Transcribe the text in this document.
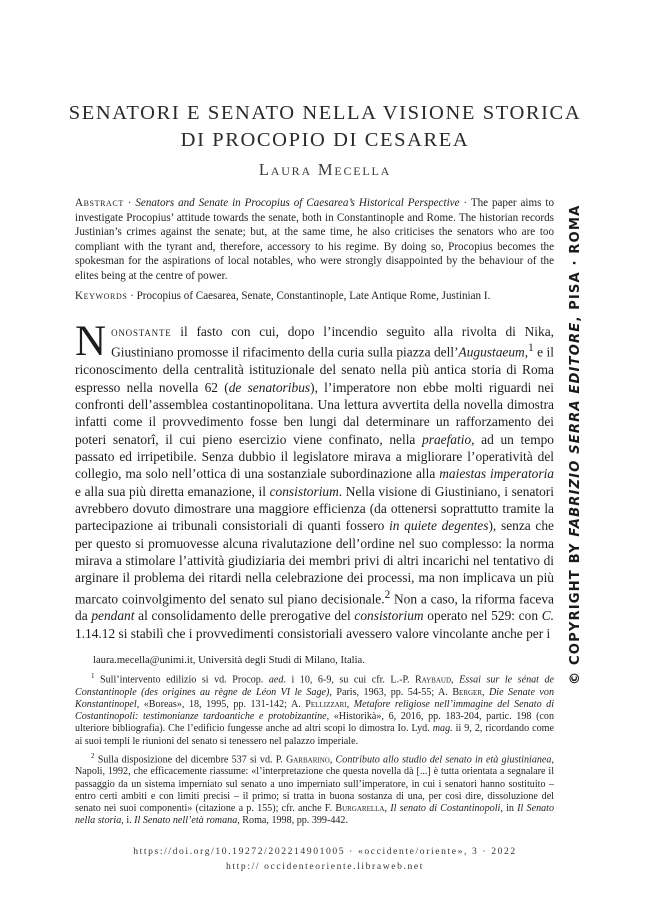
SENATORI E SENATO NELLA VISIONE STORICA
DI PROCOPIO DI CESAREA
Laura Mecella
Abstract · Senators and Senate in Procopius of Caesarea’s Historical Perspective · The paper aims to investigate Procopius’ attitude towards the senate, both in Constantinople and Rome. The historian records Justinian’s crimes against the senate; but, at the same time, he also criticises the senators who are too compliant with the tyrant and, therefore, accessory to his regime. By doing so, Procopius becomes the spokesman for the aspirations of local notables, who were strongly disappointed by the behaviour of the elites being at the centre of power.
Keywords · Procopius of Caesarea, Senate, Constantinople, Late Antique Rome, Justinian I.
Nonostante il fasto con cui, dopo l’incendio seguìto alla rivolta di Nika, Giustiniano promosse il rifacimento della curia sulla piazza dell’Augustaeum,$^1$ e il riconoscimento della centralità istituzionale del senato nella più antica storia di Roma espresso nella novella 62 (de senatoribus), l’imperatore non ebbe molti riguardi nei confronti dell’assemblea costantinopolitana. Una lettura avvertita della novella dimostra infatti come il provvedimento fosse ben lungi dal determinare un rafforzamento dei poteri senatorî, il cui pieno esercizio viene confinato, nella praefatio, ad un tempo passato ed irripetibile. Senza dubbio il legislatore mirava a migliorare l’operatività del collegio, ma solo nell’ottica di una sostanziale subordinazione alla maiestas imperatoria e alla sua più diretta emanazione, il consistorium. Nella visione di Giustiniano, i senatori avrebbero dovuto dimostrare una maggiore efficienza (da ottenersi soprattutto tramite la partecipazione ai tribunali consistoriali di quanti fossero in quiete degentes), senza che per questo si promuovesse alcuna rivalutazione dell’ordine nel suo complesso: la norma mirava a stimolare l’attività giudiziaria dei membri privi di altri incarichi nel tentativo di arginare il problema dei ritardi nella celebrazione dei processi, ma non implicava un più marcato coinvolgimento del senato sul piano decisionale.$^2$ Non a caso, la riforma faceva da pendant al consolidamento delle prerogative del consistorium operato nel 529: con C. 1.14.12 si stabilì che i provvedimenti consistoriali avessero valore vincolante anche per i
laura.mecella@unimi.it, Università degli Studi di Milano, Italia.

$^1$ Sull’intervento edilizio si vd. Procop. aed. i 10, 6-9, su cui cfr. L.-P. Raybaud, Essai sur le sénat de Constantinople (des origines au règne de Léon VI le Sage), Paris, 1963, pp. 54-55; A. Berger, Die Senate von Konstantinopel, «Boreas», 18, 1995, pp. 131-142; A. Pellizzari, Metafore religiose nell’immagine del Senato di Costantinopoli: testimonianze tardoantiche e protobizantine, «Historikà», 6, 2016, pp. 183-204, partic. 198 (con ulteriore bibliografia). Che l’edificio fungesse anche ad altri scopi lo dimostra Io. Lyd. mag. ii 9, 2, ricordando come ai suoi templi le riunioni del senato si tenessero nel palazzo imperiale.

$^2$ Sulla disposizione del dicembre 537 si vd. P. Garbarino, Contributo allo studio del senato in età giustinianea, Napoli, 1992, che efficacemente riassume: «l’interpretazione che questa novella dà [...] è tutta orientata a segnalare il passaggio da un sistema imperniato sul senato a uno imperniato sull’imperatore, in cui i senatori hanno sostituito – entro certi ambiti e con limiti precisi – il primo; si tratta in buona sostanza di una, per così dire, dissoluzione del senato nei suoi componenti» (citazione a p. 155); cfr. anche F. Burgarella, Il senato di Costantinopoli, in Il Senato nella storia, i. Il Senato nell’età romana, Roma, 1998, pp. 399-442.

https://doi.org/10.19272/202214901005 · «occidente/oriente», 3 · 2022
http:// occidenteoriente.libraweb.net
© COPYRIGHT BY FABRIZIO SERRA EDITORE, PISA · ROMA
